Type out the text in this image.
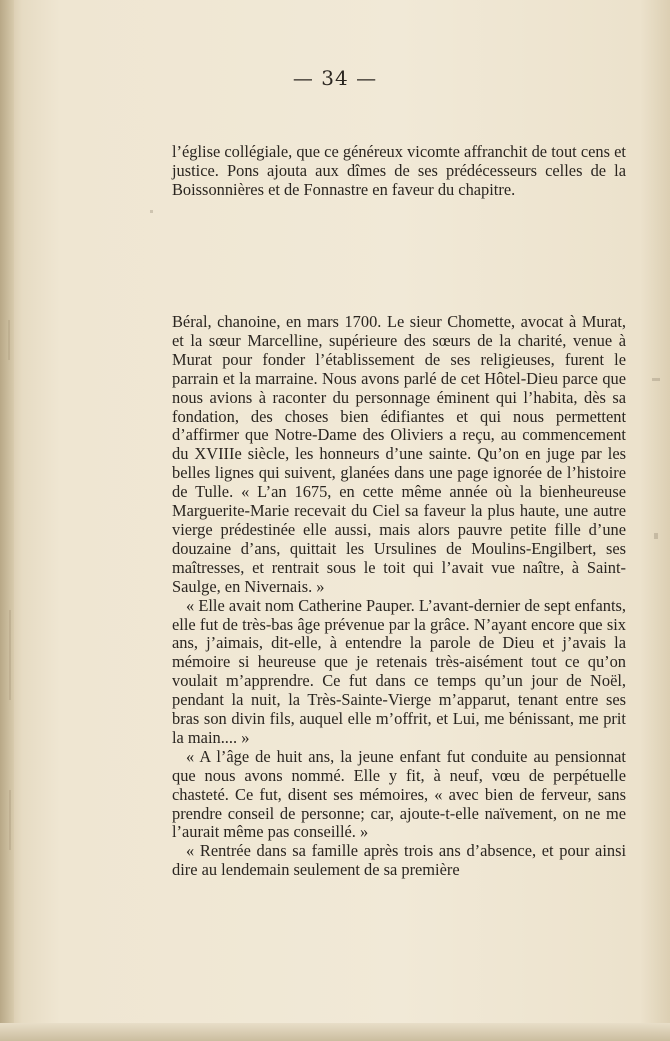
— 34 —

l’église collégiale, que ce généreux vicomte affranchit de tout cens et justice. Pons ajouta aux dîmes de ses prédécesseurs celles de la Boissonnières et de Fonnastre en faveur du chapitre.

Béral, chanoine, en mars 1700. Le sieur Chomette, avocat à Murat, et la sœur Marcelline, supérieure des sœurs de la charité, venue à Murat pour fonder l’établissement de ses religieuses, furent le parrain et la marraine. Nous avons parlé de cet Hôtel-Dieu parce que nous avions à raconter du personnage éminent qui l’habita, dès sa fondation, des choses bien édifiantes et qui nous permettent d’affirmer que Notre-Dame des Oliviers a reçu, au commencement du XVIIIe siècle, les honneurs d’une sainte. Qu’on en juge par les belles lignes qui suivent, glanées dans une page ignorée de l’histoire de Tulle. « L’an 1675, en cette même année où la bienheureuse Marguerite-Marie recevait du Ciel sa faveur la plus haute, une autre vierge prédestinée elle aussi, mais alors pauvre petite fille d’une douzaine d’ans, quittait les Ursulines de Moulins-Engilbert, ses maîtresses, et rentrait sous le toit qui l’avait vue naître, à Saint-Saulge, en Nivernais. »

« Elle avait nom Catherine Pauper. L’avant-dernier de sept enfants, elle fut de très-bas âge prévenue par la grâce. N’ayant encore que six ans, j’aimais, dit-elle, à entendre la parole de Dieu et j’avais la mémoire si heureuse que je retenais très-aisément tout ce qu’on voulait m’apprendre. Ce fut dans ce temps qu’un jour de Noël, pendant la nuit, la Très-Sainte-Vierge m’apparut, tenant entre ses bras son divin fils, auquel elle m’offrit, et Lui, me bénissant, me prit la main.... »

« A l’âge de huit ans, la jeune enfant fut conduite au pensionnat que nous avons nommé. Elle y fit, à neuf, vœu de perpétuelle chasteté. Ce fut, disent ses mémoires, « avec bien de ferveur, sans prendre conseil de personne; car, ajoute-t-elle naïvement, on ne me l’aurait même pas conseillé. »

« Rentrée dans sa famille après trois ans d’absence, et pour ainsi dire au lendemain seulement de sa première
